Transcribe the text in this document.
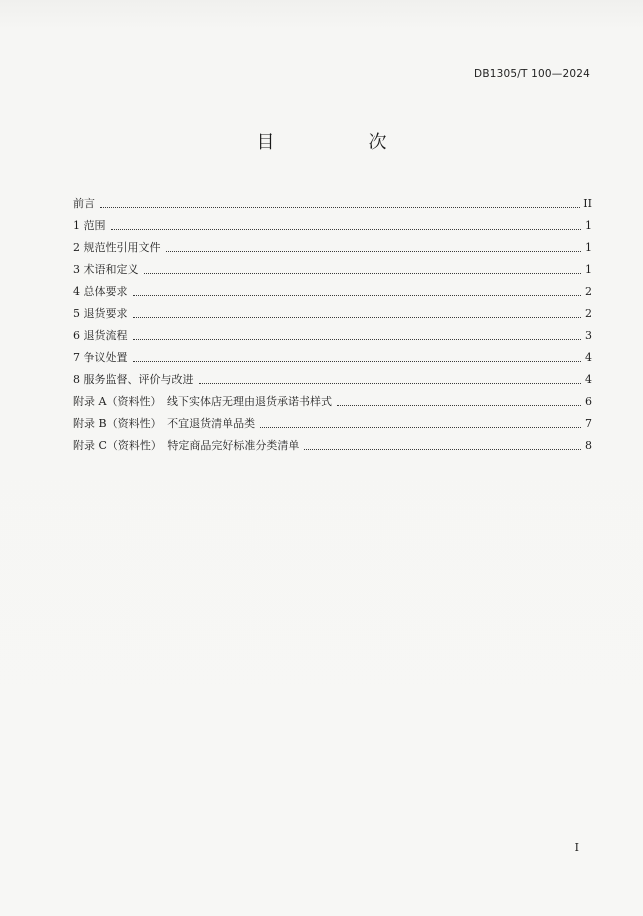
DB1305/T 100—2024
目　次
前言	II
1 范围	1
2 规范性引用文件	1
3 术语和定义	1
4 总体要求	2
5 退货要求	2
6 退货流程	3
7 争议处置	4
8 服务监督、评价与改进	4
附录 A（资料性）　线下实体店无理由退货承诺书样式	6
附录 B（资料性）　不宜退货清单品类	7
附录 C（资料性）　特定商品完好标准分类清单	8
I
